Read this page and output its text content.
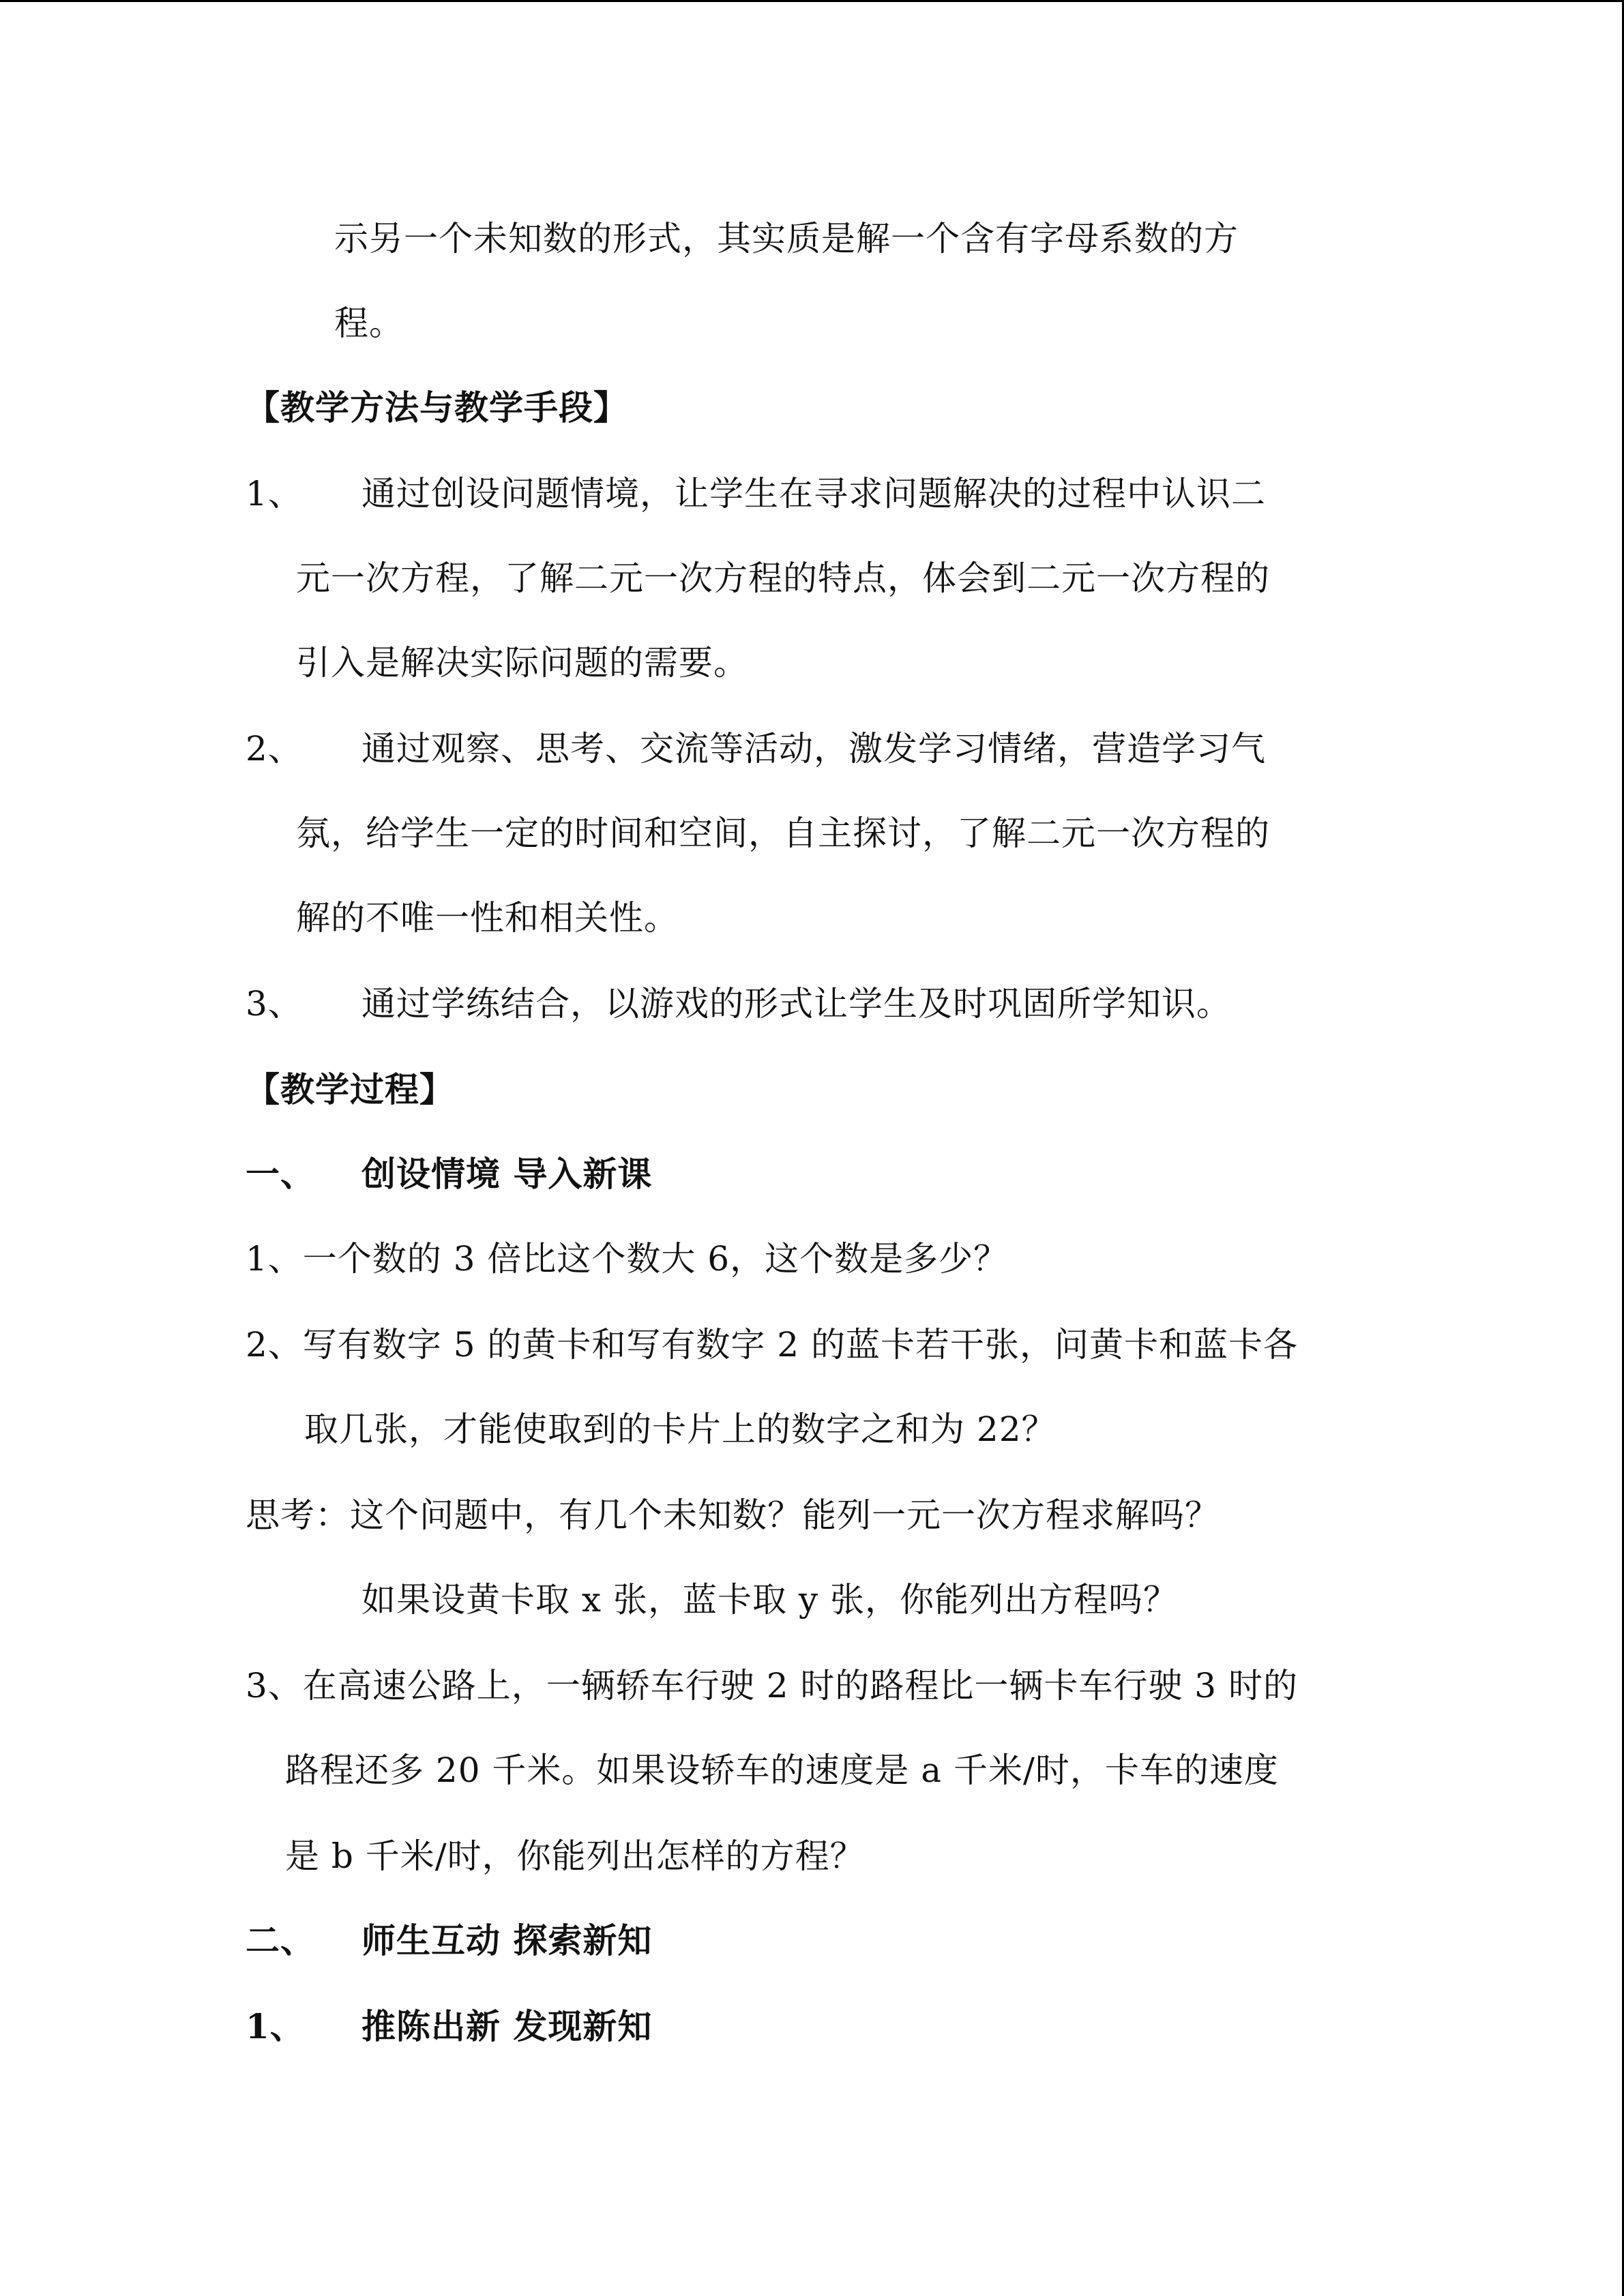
示另一个未知数的形式，其实质是解一个含有字母系数的方
程。
【教学方法与教学手段】
1、 通过创设问题情境，让学生在寻求问题解决的过程中认识二
元一次方程，了解二元一次方程的特点，体会到二元一次方程的
引入是解决实际问题的需要。
2、 通过观察、思考、交流等活动，激发学习情绪，营造学习气
氛，给学生一定的时间和空间，自主探讨，了解二元一次方程的
解的不唯一性和相关性。
3、 通过学练结合，以游戏的形式让学生及时巩固所学知识。
【教学过程】
一、 创设情境 导入新课
1、一个数的 3 倍比这个数大 6，这个数是多少？
2、写有数字 5 的黄卡和写有数字 2 的蓝卡若干张，问黄卡和蓝卡各
取几张，才能使取到的卡片上的数字之和为 22？
思考：这个问题中，有几个未知数？能列一元一次方程求解吗？
如果设黄卡取 x 张，蓝卡取 y 张，你能列出方程吗？
3、在高速公路上，一辆轿车行驶 2 时的路程比一辆卡车行驶 3 时的
路程还多 20 千米。如果设轿车的速度是 a 千米/时，卡车的速度
是 b 千米/时，你能列出怎样的方程？
二、 师生互动 探索新知
1、 推陈出新 发现新知
